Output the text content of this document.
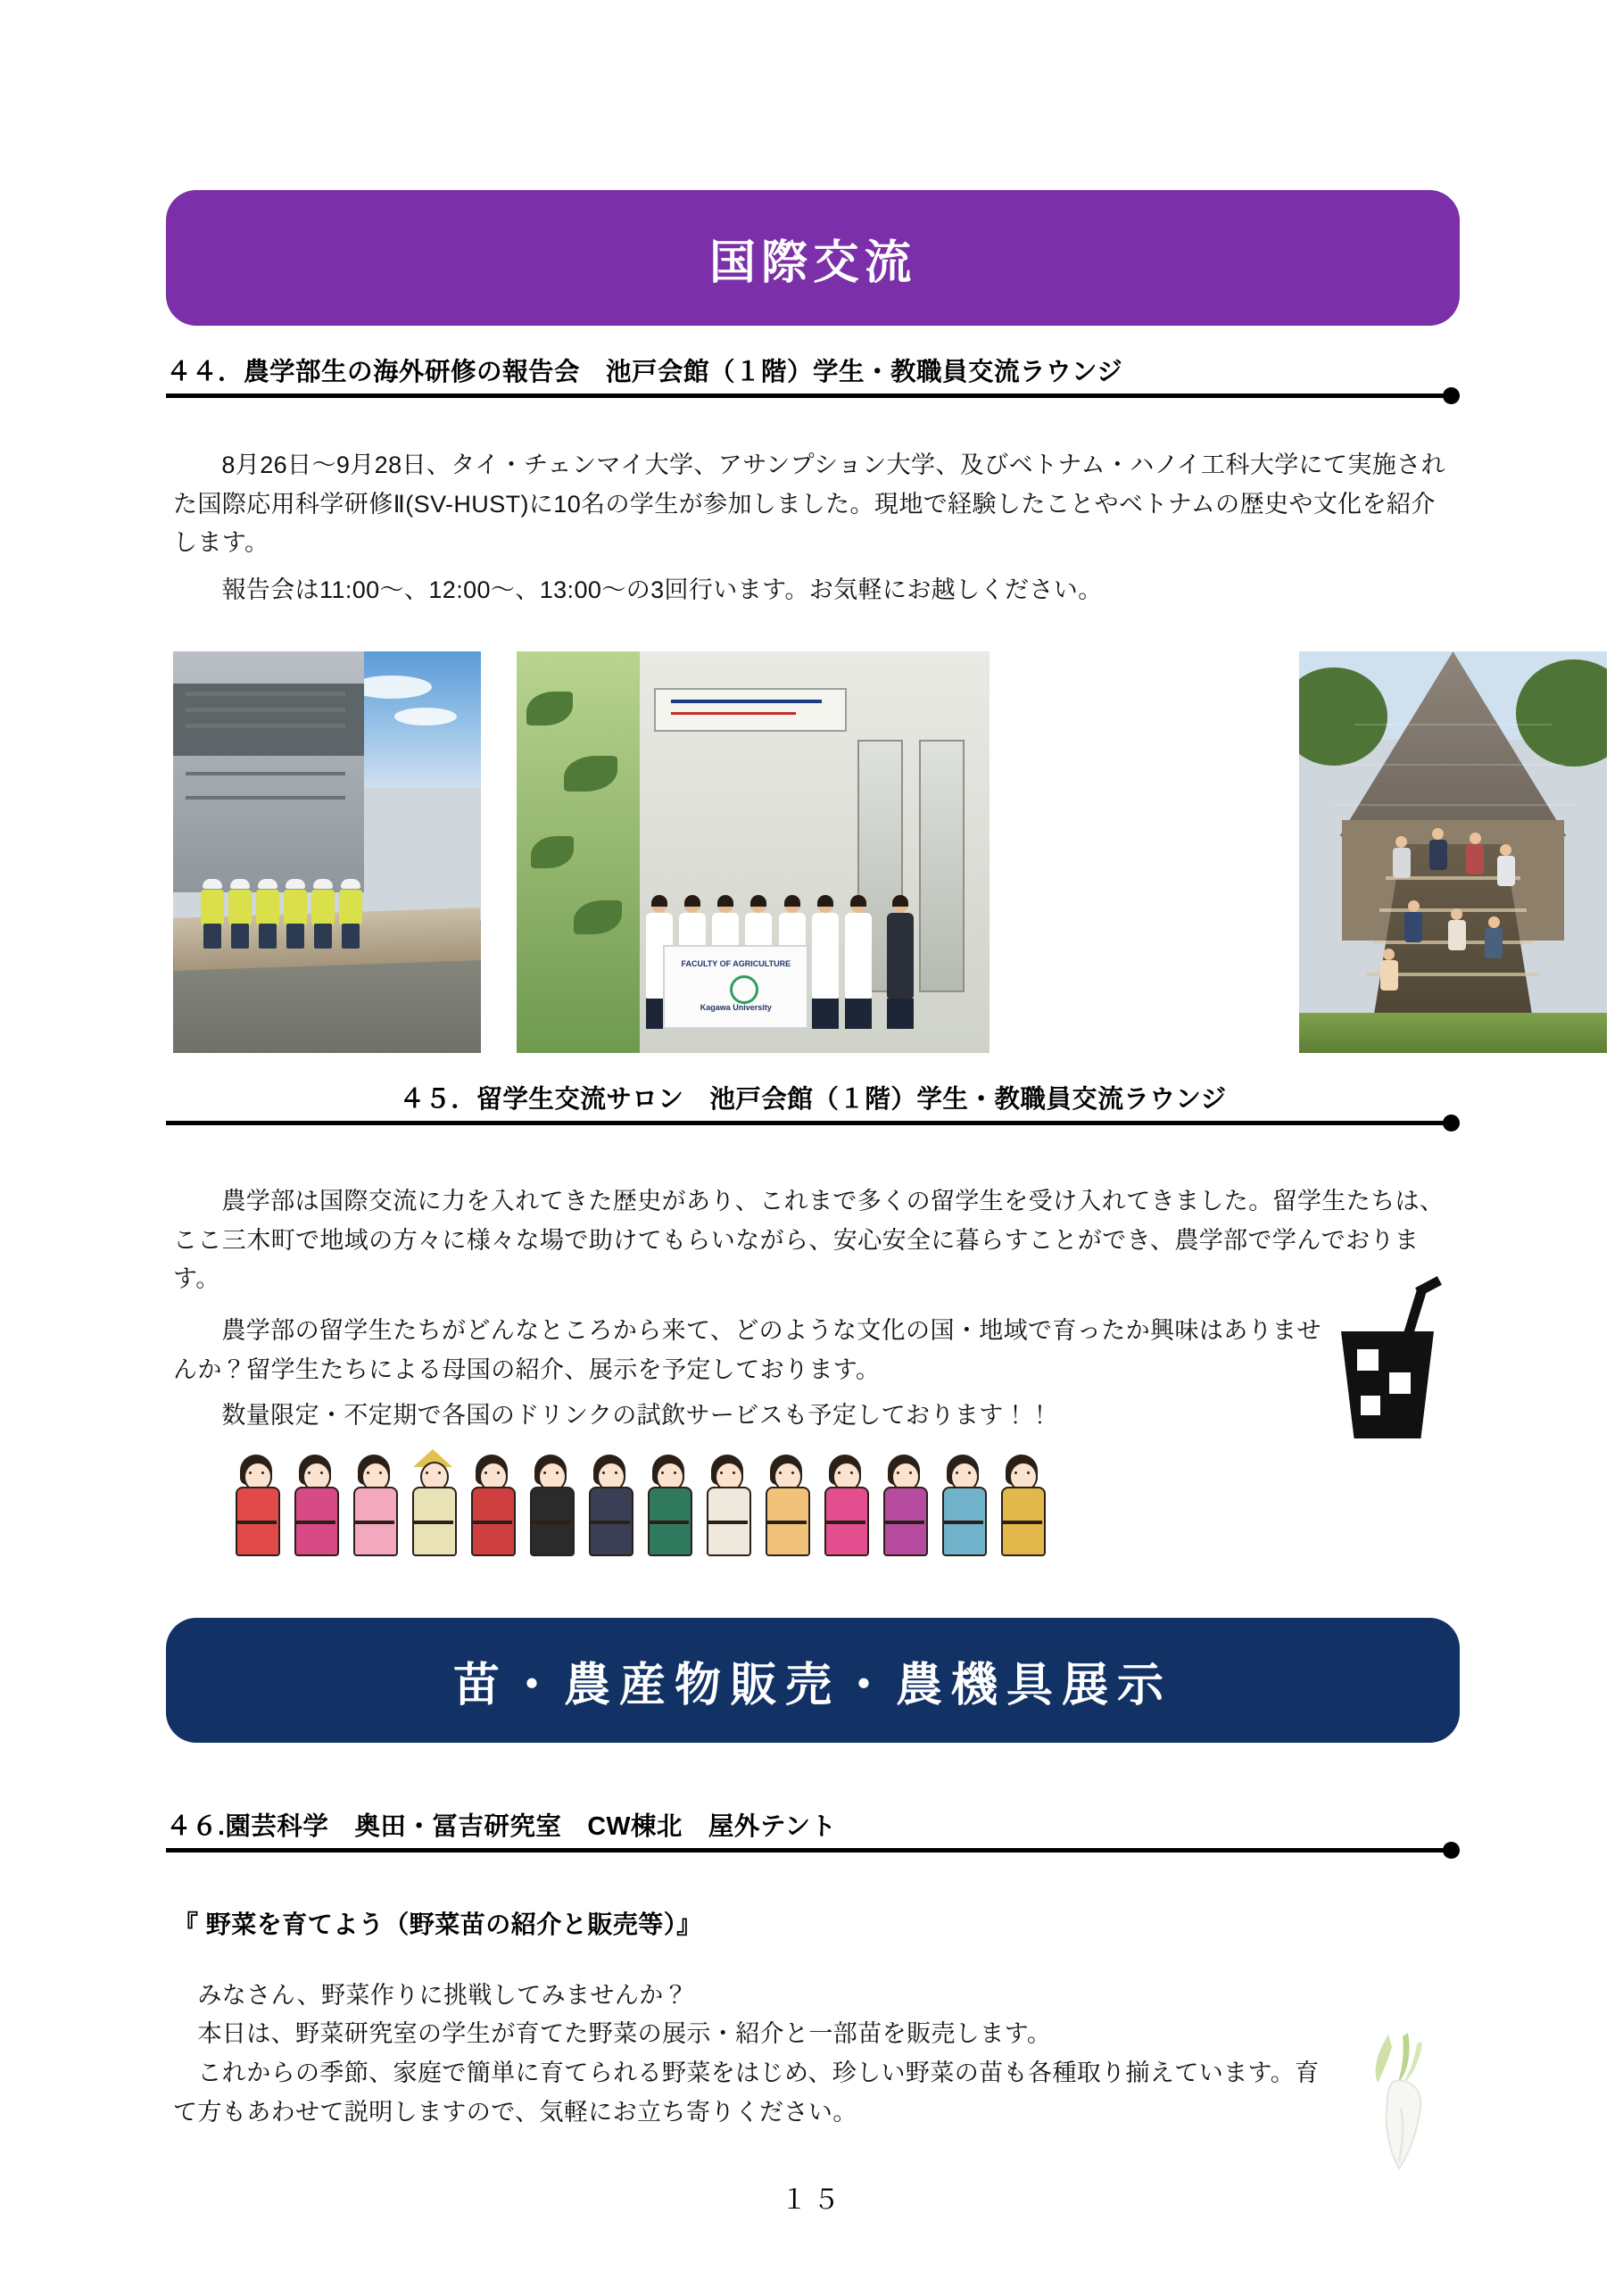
国際交流
４４．農学部生の海外研修の報告会　池戸会館（１階）学生・教職員交流ラウンジ
　8月26日〜9月28日、タイ・チェンマイ大学、アサンプション大学、及びベトナム・ハノイ工科大学にて実施された国際応用科学研修Ⅱ(SV-HUST)に10名の学生が参加しました。現地で経験したことやベトナムの歴史や文化を紹介します。
　報告会は11:00〜、12:00〜、13:00〜の3回行います。お気軽にお越しください。
FACULTY OF AGRICULTURE
Kagawa University
４５．留学生交流サロン　池戸会館（１階）学生・教職員交流ラウンジ
　農学部は国際交流に力を入れてきた歴史があり、これまで多くの留学生を受け入れてきました。留学生たちは、ここ三木町で地域の方々に様々な場で助けてもらいながら、安心安全に暮らすことができ、農学部で学んでおります。
　農学部の留学生たちがどんなところから来て、どのような文化の国・地域で育ったか興味はありませんか？留学生たちによる母国の紹介、展示を予定しております。
　数量限定・不定期で各国のドリンクの試飲サービスも予定しております！！
苗・農産物販売・農機具展示
４６.園芸科学　奥田・冨吉研究室　CW棟北　屋外テント
『 野菜を育てよう（野菜苗の紹介と販売等）』
　みなさん、野菜作りに挑戦してみませんか？
　本日は、野菜研究室の学生が育てた野菜の展示・紹介と一部苗を販売します。
　これからの季節、家庭で簡単に育てられる野菜をはじめ、珍しい野菜の苗も各種取り揃えています。育て方もあわせて説明しますので、気軽にお立ち寄りください。
１５
